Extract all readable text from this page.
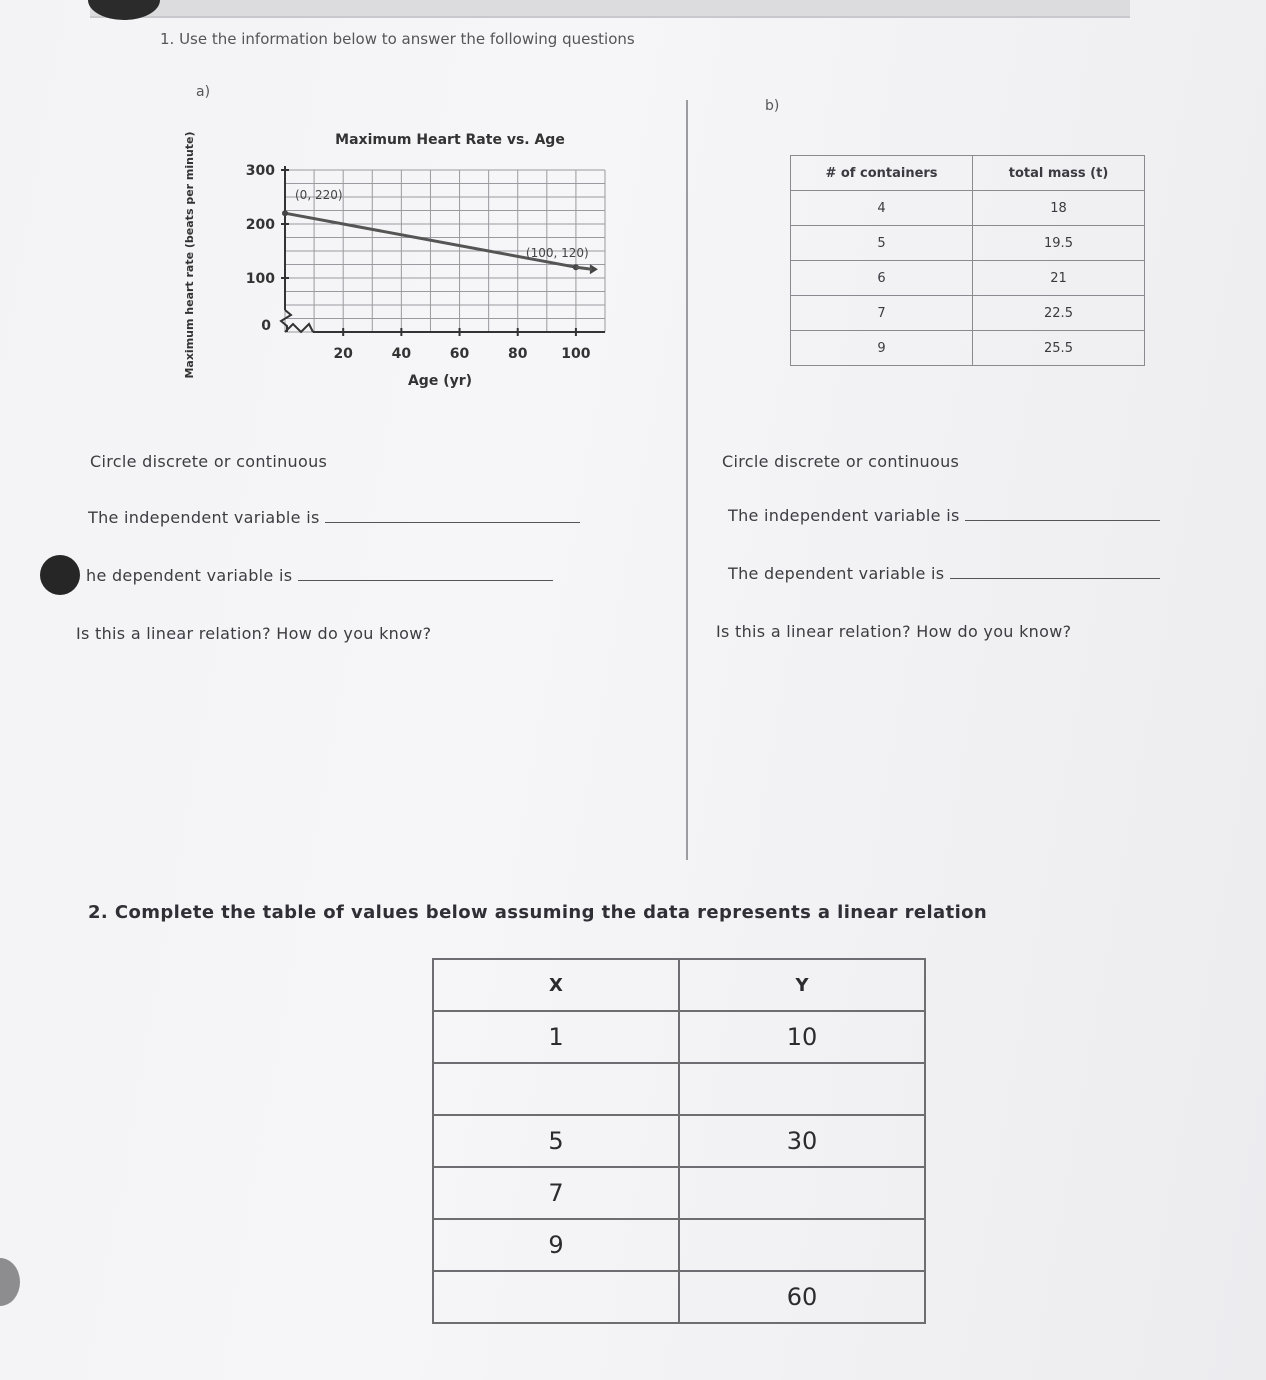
1. Use the information below to answer the following questions
a)
b)
Maximum Heart Rate vs. Age
20	40	60	80 100
0
100
200
300
(0, 220)
(100, 120)
Age (yr)
Maximum heart rate (beats per minute)	# of containers	total mass (t)
4	18
5	19.5
6	21
7	22.5
9	25.5
Circle discrete or continuous
The independent variable is
he dependent variable is
Is this a linear relation? How do you know?
Circle discrete or continuous
The independent variable is
The dependent variable is
Is this a linear relation? How do you know?
2. Complete the table of values below assuming the data represents a linear relation
X	Y
1	10

5	30
7	
9	
	60
